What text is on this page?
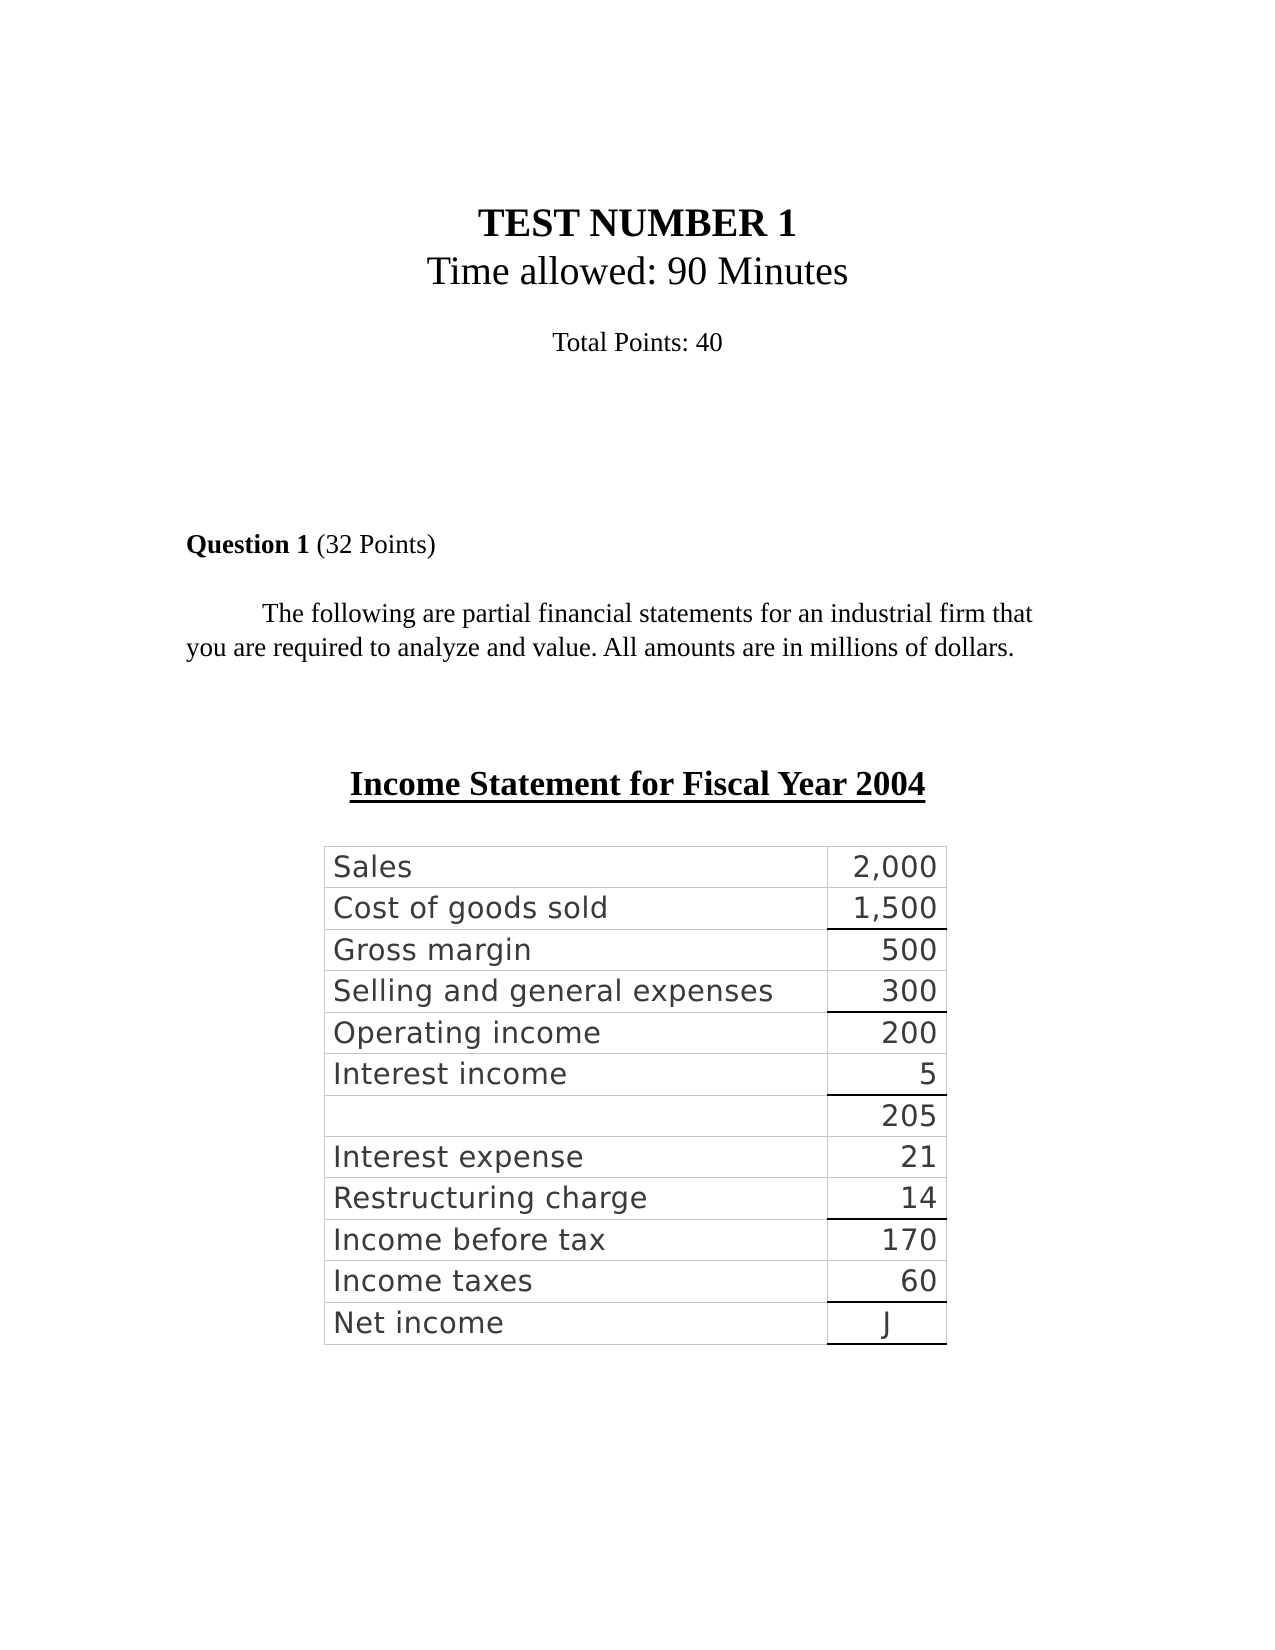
TEST NUMBER 1
Time allowed: 90 Minutes
Total Points: 40
Question 1 (32 Points)

The following are partial financial statements for an industrial firm that you are required to analyze and value. All amounts are in millions of dollars.

Income Statement for Fiscal Year 2004
Sales	2,000
Cost of goods sold	1,500
Gross margin	500
Selling and general expenses	300
Operating income	200
Interest income	5
	205
Interest expense	21
Restructuring charge	14
Income before tax	170
Income taxes	60
Net income	J
